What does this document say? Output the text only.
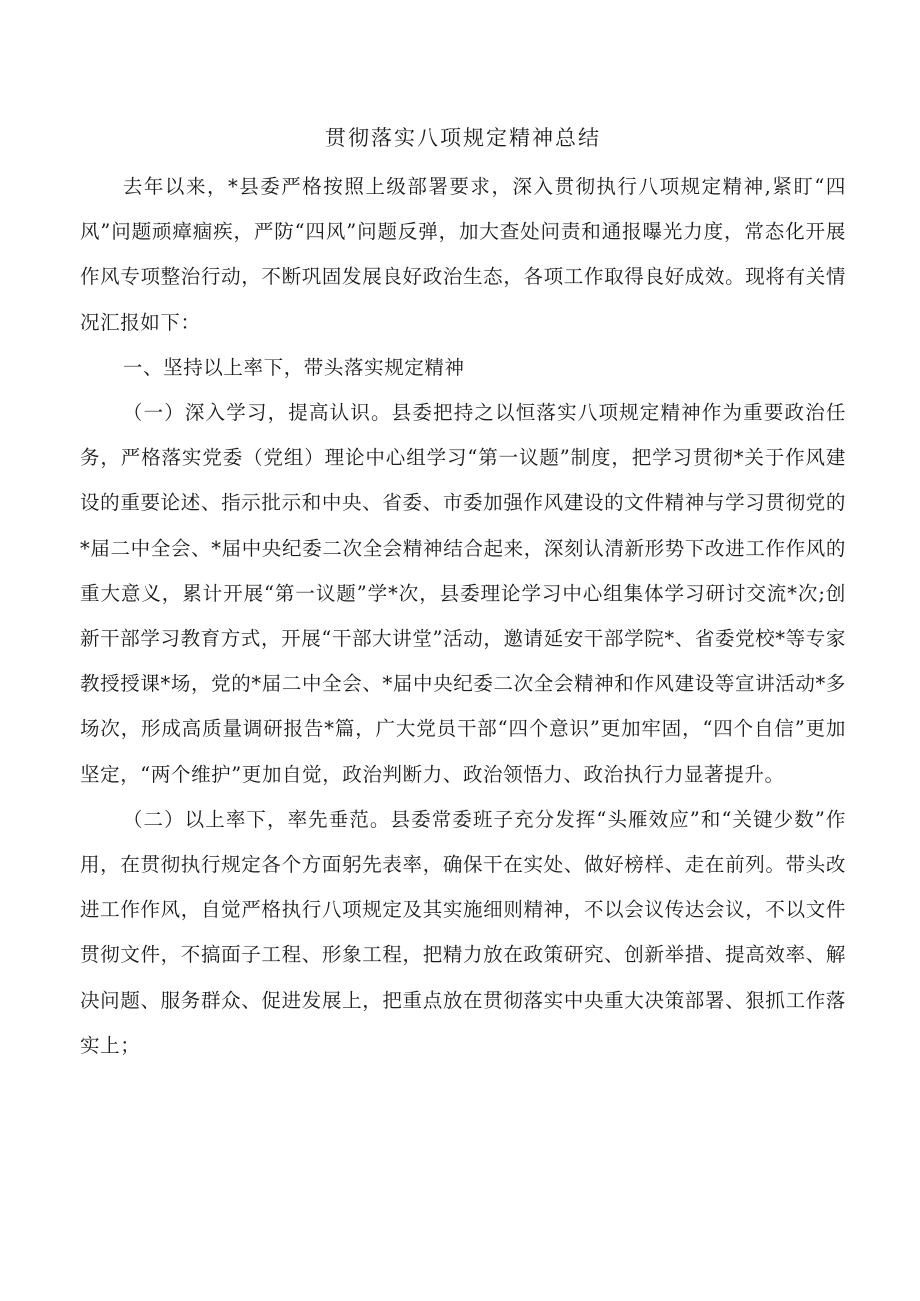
贯彻落实八项规定精神总结

去年以来，*县委严格按照上级部署要求，深入贯彻执行八项规定精神,紧盯“四风”问题顽瘴痼疾，严防“四风”问题反弹，加大查处问责和通报曝光力度，常态化开展作风专项整治行动，不断巩固发展良好政治生态，各项工作取得良好成效。现将有关情况汇报如下：

一、坚持以上率下，带头落实规定精神

（一）深入学习，提高认识。县委把持之以恒落实八项规定精神作为重要政治任务，严格落实党委（党组）理论中心组学习“第一议题”制度，把学习贯彻*关于作风建设的重要论述、指示批示和中央、省委、市委加强作风建设的文件精神与学习贯彻党的*届二中全会、*届中央纪委二次全会精神结合起来，深刻认清新形势下改进工作作风的重大意义，累计开展“第一议题”学*次，县委理论学习中心组集体学习研讨交流*次;创新干部学习教育方式，开展“干部大讲堂”活动，邀请延安干部学院*、省委党校*等专家教授授课*场，党的*届二中全会、*届中央纪委二次全会精神和作风建设等宣讲活动*多场次，形成高质量调研报告*篇，广大党员干部“四个意识”更加牢固，“四个自信”更加坚定，“两个维护”更加自觉，政治判断力、政治领悟力、政治执行力显著提升。

（二）以上率下，率先垂范。县委常委班子充分发挥“头雁效应”和“关键少数”作用，在贯彻执行规定各个方面躬先表率，确保干在实处、做好榜样、走在前列。带头改进工作作风，自觉严格执行八项规定及其实施细则精神，不以会议传达会议，不以文件贯彻文件，不搞面子工程、形象工程，把精力放在政策研究、创新举措、提高效率、解决问题、服务群众、促进发展上，把重点放在贯彻落实中央重大决策部署、狠抓工作落实上；
